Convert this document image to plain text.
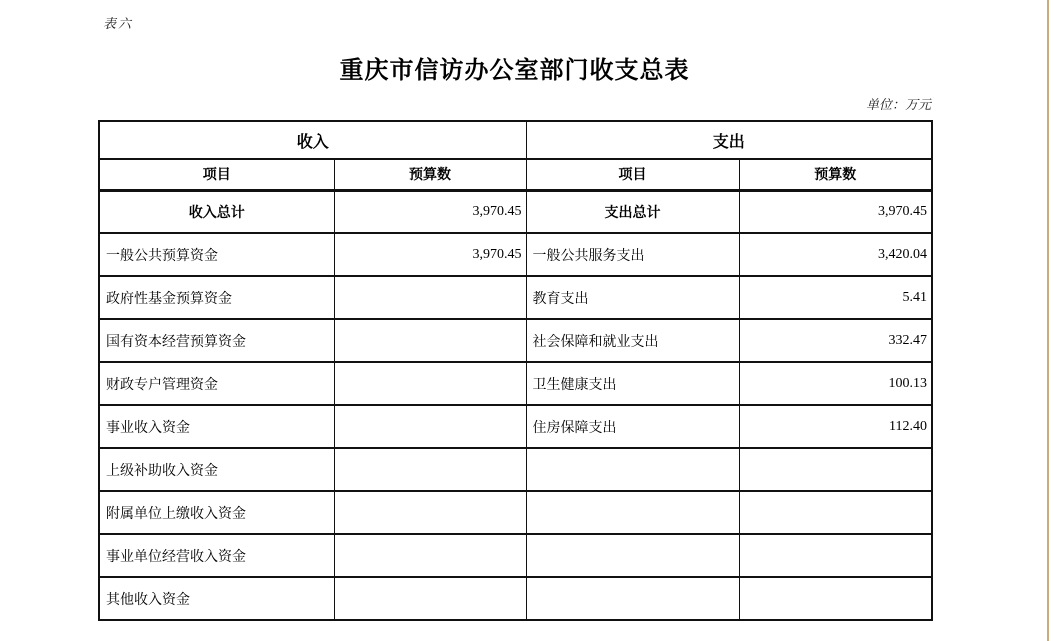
表六
重庆市信访办公室部门收支总表
单位：万元
收入		支出	
项目	预算数	项目	预算数
收入总计	3,970.45	支出总计	3,970.45
一般公共预算资金	3,970.45	一般公共服务支出	3,420.04
政府性基金预算资金		教育支出	5.41
国有资本经营预算资金		社会保障和就业支出	332.47
财政专户管理资金		卫生健康支出	100.13
事业收入资金		住房保障支出	112.40
上级补助收入资金			
附属单位上缴收入资金			
事业单位经营收入资金			
其他收入资金			
